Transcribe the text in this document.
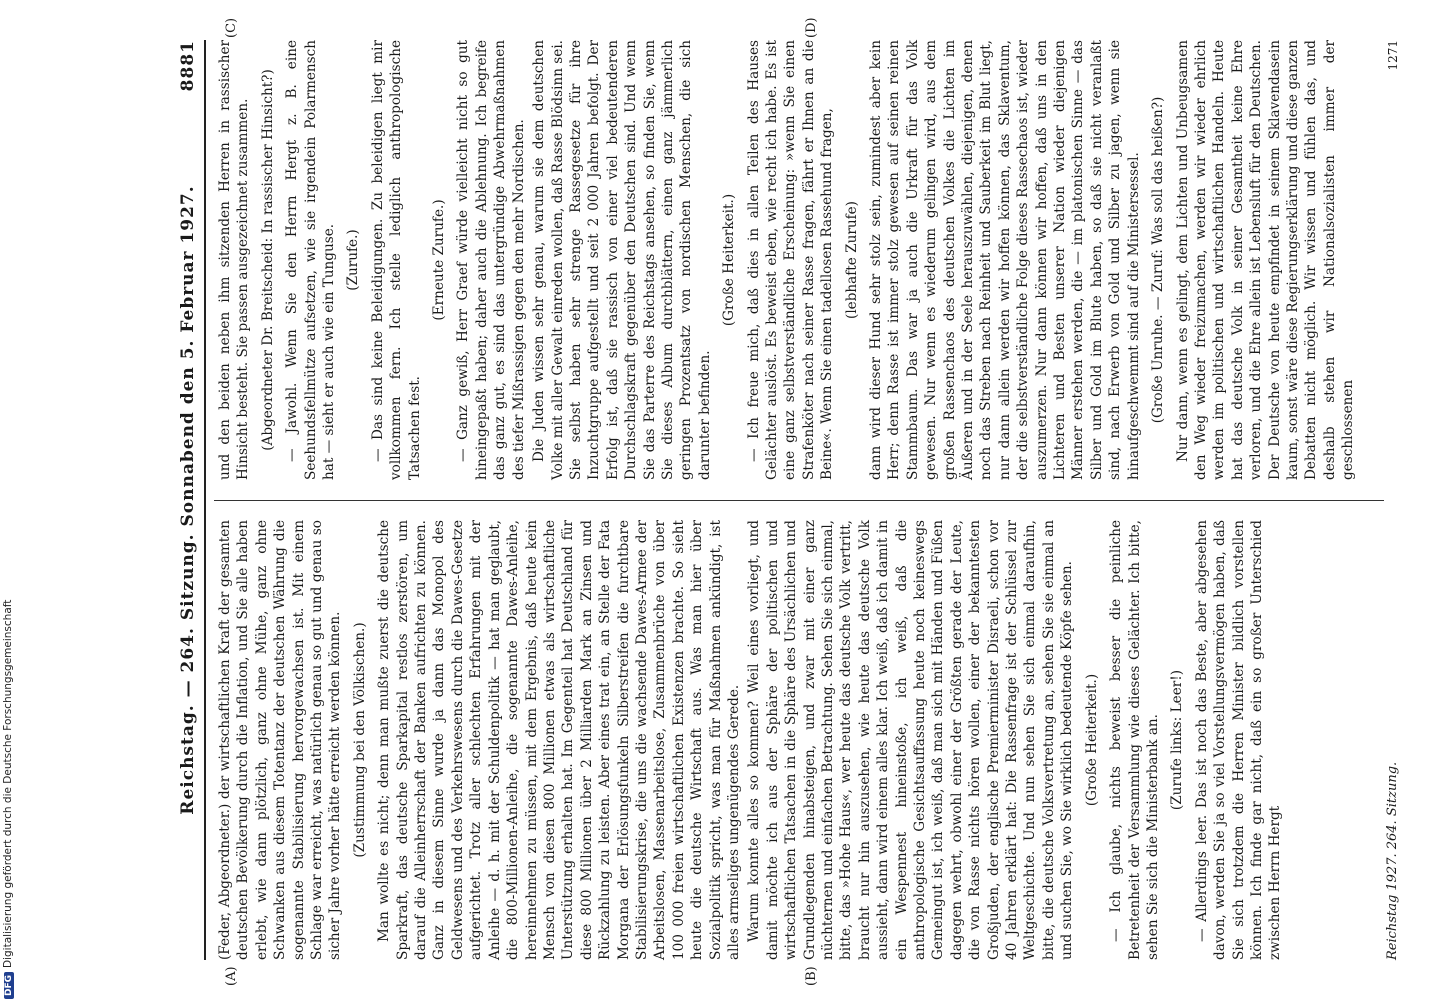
DFGDigitalisierung gefördert durch die Deutsche Forschungsgemeinschaft	Reichstag. — 264. Sitzung. Sonnabend den 5. Februar 1927.
8881
(A)	(B)
(C)	(D)

(Feder, Abgeordneter.) der wirtschaftlichen Kraft der gesamten deutschen Bevölkerung durch die Inflation, und Sie alle haben erlebt, wie dann plötzlich, ganz ohne Mühe, ganz ohne Schwanken aus diesem Totentanz der deutschen Währung die sogenannte Stabilisierung hervorgewachsen ist. Mit einem Schlage war erreicht, was natürlich genau so gut und genau so sicher Jahre vorher hätte erreicht werden können. (Zustimmung bei den Völkischen.) Man wollte es nicht; denn man mußte zuerst die deutsche Sparkraft, das deutsche Sparkapital restlos zerstören, um darauf die Alleinherrschaft der Banken aufrichten zu können. Ganz in diesem Sinne wurde ja dann das Monopol des Geldwesens und des Verkehrswesens durch die Dawes-Gesetze aufgerichtet. Trotz aller schlechten Erfahrungen mit der Anleihe — d. h. mit der Schuldenpolitik — hat man geglaubt, die 800-Millionen-Anleihe, die sogenannte Dawes-Anleihe, hereinnehmen zu müssen, mit dem Ergebnis, daß heute kein Mensch von diesen 800 Millionen etwas als wirtschaftliche Unterstützung erhalten hat. Im Gegenteil hat Deutschland für diese 800 Millionen über 2 Milliarden Mark an Zinsen und Rückzahlung zu leisten. Aber eines trat ein, an Stelle der Fata Morgana der Erlösungsfunkeln Silberstreifen die furchtbare Stabilisierungskrise, die uns die wachsende Dawes-Armee der Arbeitslosen, Massenarbeitslose, Zusammenbrüche von über 100 000 freien wirtschaftlichen Existenzen brachte. So sieht heute die deutsche Wirtschaft aus. Was man hier über Sozialpolitik spricht, was man für Maßnahmen ankündigt, ist alles armseliges ungenügendes Gerede. Warum konnte alles so kommen? Weil eines vorliegt, und damit möchte ich aus der Sphäre der politischen und wirtschaftlichen Tatsachen in die Sphäre des Ursächlichen und Grundlegenden hinabsteigen, und zwar mit einer ganz nüchternen und einfachen Betrachtung. Sehen Sie sich einmal, bitte, das »Hohe Haus«, wer heute das deutsche Volk vertritt, braucht nur hin auszusehen, wie heute das deutsche Volk aussieht, dann wird einem alles klar. Ich weiß, daß ich damit in ein Wespennest hineinstoße, ich weiß, daß die anthropologische Gesichtsauffassung heute noch keineswegs Gemeingut ist, ich weiß, daß man sich mit Händen und Füßen dagegen wehrt, obwohl einer der Größten gerade der Leute, die von Rasse nichts hören wollen, einer der bekanntesten Großjuden, der englische Premierminister Disraeli, schon vor 40 Jahren erklärt hat: Die Rassenfrage ist der Schlüssel zur Weltgeschichte. Und nun sehen Sie sich einmal daraufhin, bitte, die deutsche Volksvertretung an, sehen Sie sie einmal an und suchen Sie, wo Sie wirklich bedeutende Köpfe sehen. (Große Heiterkeit.) — Ich glaube, nichts beweist besser die peinliche Betretenheit der Versammlung wie dieses Gelächter. Ich bitte, sehen Sie sich die Ministerbank an. (Zurufe links: Leer!) — Allerdings leer. Das ist noch das Beste, aber abgesehen davon, werden Sie ja so viel Vorstellungsvermögen haben, daß Sie sich trotzdem die Herren Minister bildlich vorstellen können. Ich finde gar nicht, daß ein so großer Unterschied zwischen Herrn Hergt

und den beiden neben ihm sitzenden Herren in rassischer Hinsicht besteht. Sie passen ausgezeichnet zusammen. (Abgeordneter Dr. Breitscheid: In rassischer Hinsicht?) — Jawohl. Wenn Sie den Herrn Hergt z. B. eine Seehundsfellmütze aufsetzen, wie sie irgendein Polarmensch hat — sieht er auch wie ein Tunguse. (Zurufe.) — Das sind keine Beleidigungen. Zu beleidigen liegt mir vollkommen fern. Ich stelle lediglich anthropologische Tatsachen fest.

(Erneute Zurufe.) — Ganz gewiß, Herr Graef würde vielleicht nicht so gut hineingepaßt haben; daher auch die Ablehnung. Ich begreife das ganz gut, es sind das untergründige Abwehrmaßnahmen des tiefer Mißrassigen gegen den mehr Nordischen. Die Juden wissen sehr genau, warum sie dem deutschen Volke mit aller Gewalt einreden wollen, daß Rasse Blödsinn sei. Sie selbst haben sehr strenge Rassegesetze für ihre Inzuchtgruppe aufgestellt und seit 2 000 Jahren befolgt. Der Erfolg ist, daß sie rassisch von einer viel bedeutenderen Durchschlagskraft gegenüber den Deutschen sind. Und wenn Sie das Parterre des Reichstags ansehen, so finden Sie, wenn Sie dieses Album durchblättern, einen ganz jämmerlich geringen Prozentsatz von nordischen Menschen, die sich darunter befinden.

(Große Heiterkeit.) — Ich freue mich, daß dies in allen Teilen des Hauses Gelächter auslöst. Es beweist eben, wie recht ich habe. Es ist eine ganz selbstverständliche Erscheinung: »wenn Sie einen Strafenköter nach seiner Rasse fragen, fährt er Ihnen an die Beine«. Wenn Sie einen tadellosen Rassehund fragen, (lebhafte Zurufe) dann wird dieser Hund sehr stolz sein, zumindest aber kein Herr; denn Rasse ist immer stolz gewesen auf seinen reinen Stammbaum. Das war ja auch die Urkraft für das Volk gewesen. Nur wenn es wiederum gelingen wird, aus dem großen Rassenchaos des deutschen Volkes die Lichten im Äußeren und in der Seele herauszuwählen, diejenigen, denen noch das Streben nach Reinheit und Sauberkeit im Blut liegt, nur dann allein werden wir hoffen können, das Sklaventum, der die selbstverständliche Folge dieses Rassechaos ist, wieder auszumerzen. Nur dann können wir hoffen, daß uns in den Lichteren und Besten unserer Nation wieder diejenigen Männer erstehen werden, die — im platonischen Sinne — das Silber und Gold im Blute haben, so daß sie nicht veranlaßt sind, nach Erwerb von Gold und Silber zu jagen, wenn sie hinaufgeschwemmt sind auf die Ministersessel. (Große Unruhe. — Zuruf: Was soll das heißen?) Nur dann, wenn es gelingt, dem Lichten und Unbeugsamen den Weg wieder freizumachen, werden wir wieder ehrlich werden im politischen und wirtschaftlichen Handeln. Heute hat das deutsche Volk in seiner Gesamtheit keine Ehre verloren, und die Ehre allein ist Lebensluft für den Deutschen. Der Deutsche von heute empfindet in seinem Sklavendasein kaum, sonst wäre diese Regierungserklärung und diese ganzen Debatten nicht möglich. Wir wissen und fühlen das, und deshalb stehen wir Nationalsozialisten immer der geschlossenen

Reichstag 1927. 264. Sitzung.
1271
